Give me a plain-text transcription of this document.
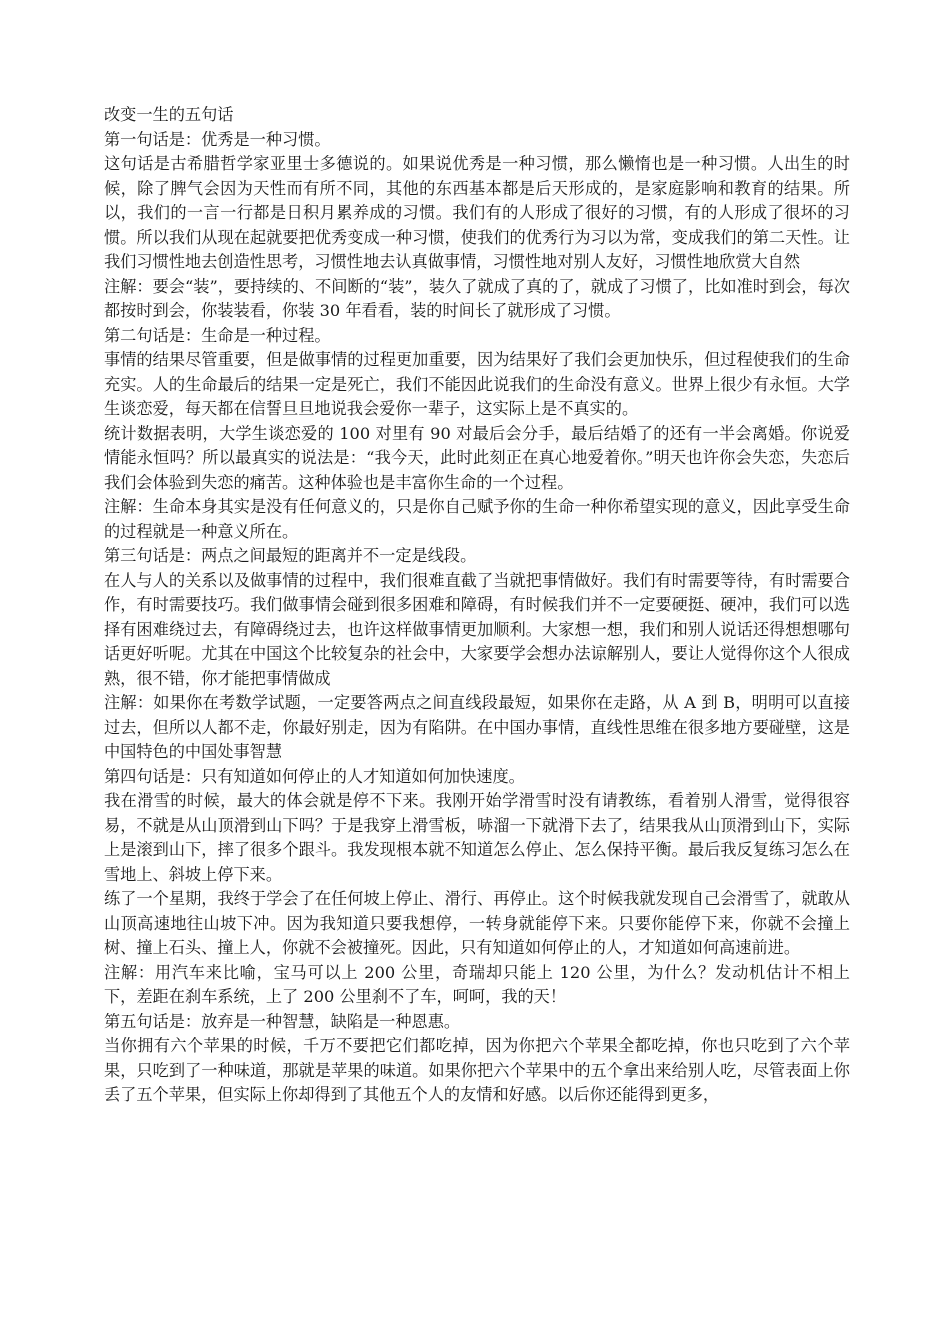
改变一生的五句话

第一句话是：优秀是一种习惯。

这句话是古希腊哲学家亚里士多德说的。如果说优秀是一种习惯，那么懒惰也是一种习惯。人出生的时候，除了脾气会因为天性而有所不同，其他的东西基本都是后天形成的，是家庭影响和教育的结果。所以，我们的一言一行都是日积月累养成的习惯。我们有的人形成了很好的习惯，有的人形成了很坏的习惯。所以我们从现在起就要把优秀变成一种习惯，使我们的优秀行为习以为常，变成我们的第二天性。让我们习惯性地去创造性思考，习惯性地去认真做事情，习惯性地对别人友好，习惯性地欣赏大自然

注解：要会“装”，要持续的、不间断的“装”，装久了就成了真的了，就成了习惯了，比如准时到会，每次都按时到会，你装装看，你装 30 年看看，装的时间长了就形成了习惯。

第二句话是：生命是一种过程。

事情的结果尽管重要，但是做事情的过程更加重要，因为结果好了我们会更加快乐，但过程使我们的生命充实。人的生命最后的结果一定是死亡，我们不能因此说我们的生命没有意义。世界上很少有永恒。大学生谈恋爱，每天都在信誓旦旦地说我会爱你一辈子，这实际上是不真实的。

统计数据表明，大学生谈恋爱的 100 对里有 90 对最后会分手，最后结婚了的还有一半会离婚。你说爱情能永恒吗？所以最真实的说法是：“我今天，此时此刻正在真心地爱着你。”明天也许你会失恋，失恋后我们会体验到失恋的痛苦。这种体验也是丰富你生命的一个过程。

注解：生命本身其实是没有任何意义的，只是你自己赋予你的生命一种你希望实现的意义，因此享受生命的过程就是一种意义所在。

第三句话是：两点之间最短的距离并不一定是线段。

在人与人的关系以及做事情的过程中，我们很难直截了当就把事情做好。我们有时需要等待，有时需要合作，有时需要技巧。我们做事情会碰到很多困难和障碍，有时候我们并不一定要硬挺、硬冲，我们可以选择有困难绕过去，有障碍绕过去，也许这样做事情更加顺利。大家想一想，我们和别人说话还得想想哪句话更好听呢。尤其在中国这个比较复杂的社会中，大家要学会想办法谅解别人，要让人觉得你这个人很成熟，很不错，你才能把事情做成

注解：如果你在考数学试题，一定要答两点之间直线段最短，如果你在走路，从 A 到 B，明明可以直接过去，但所以人都不走，你最好别走，因为有陷阱。在中国办事情，直线性思维在很多地方要碰壁，这是中国特色的中国处事智慧

第四句话是：只有知道如何停止的人才知道如何加快速度。

我在滑雪的时候，最大的体会就是停不下来。我刚开始学滑雪时没有请教练，看着别人滑雪，觉得很容易，不就是从山顶滑到山下吗？于是我穿上滑雪板，哧溜一下就滑下去了，结果我从山顶滑到山下，实际上是滚到山下，摔了很多个跟斗。我发现根本就不知道怎么停止、怎么保持平衡。最后我反复练习怎么在雪地上、斜坡上停下来。

练了一个星期，我终于学会了在任何坡上停止、滑行、再停止。这个时候我就发现自己会滑雪了，就敢从山顶高速地往山坡下冲。因为我知道只要我想停，一转身就能停下来。只要你能停下来，你就不会撞上树、撞上石头、撞上人，你就不会被撞死。因此，只有知道如何停止的人，才知道如何高速前进。

注解：用汽车来比喻，宝马可以上 200 公里，奇瑞却只能上 120 公里，为什么？发动机估计不相上下，差距在刹车系统，上了 200 公里刹不了车，呵呵，我的天！

第五句话是：放弃是一种智慧，缺陷是一种恩惠。

当你拥有六个苹果的时候，千万不要把它们都吃掉，因为你把六个苹果全都吃掉，你也只吃到了六个苹果，只吃到了一种味道，那就是苹果的味道。如果你把六个苹果中的五个拿出来给别人吃，尽管表面上你丢了五个苹果，但实际上你却得到了其他五个人的友情和好感。以后你还能得到更多，
